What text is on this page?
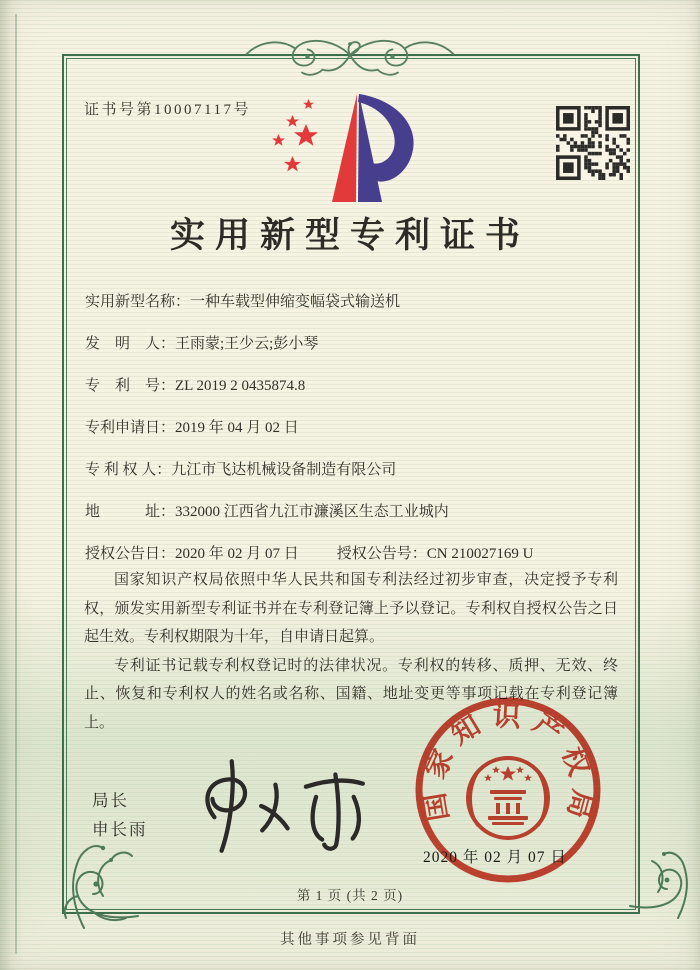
证书号第10007117号
实用新型专利证书
实用新型名称：一种车载型伸缩变幅袋式输送机
发　明　人：王雨蒙;王少云;彭小琴
专　利　号：ZL 2019 2 0435874.8
专利申请日：2019 年 04 月 02 日
专 利 权 人：九江市飞达机械设备制造有限公司
地　　　址：332000 江西省九江市濂溪区生态工业城内
授权公告日：2020 年 02 月 07 日	授权公告号：CN 210027169 U

国家知识产权局依照中华人民共和国专利法经过初步审查，决定授予专利权，颁发实用新型专利证书并在专利登记簿上予以登记。专利权自授权公告之日起生效。专利权期限为十年，自申请日起算。

专利证书记载专利权登记时的法律状况。专利权的转移、质押、无效、终止、恢复和专利权人的姓名或名称、国籍、地址变更等事项记载在专利登记簿上。

局长
申长雨
国家知识产权局
2020 年 02 月 07 日
第 1 页 (共 2 页)
其他事项参见背面
